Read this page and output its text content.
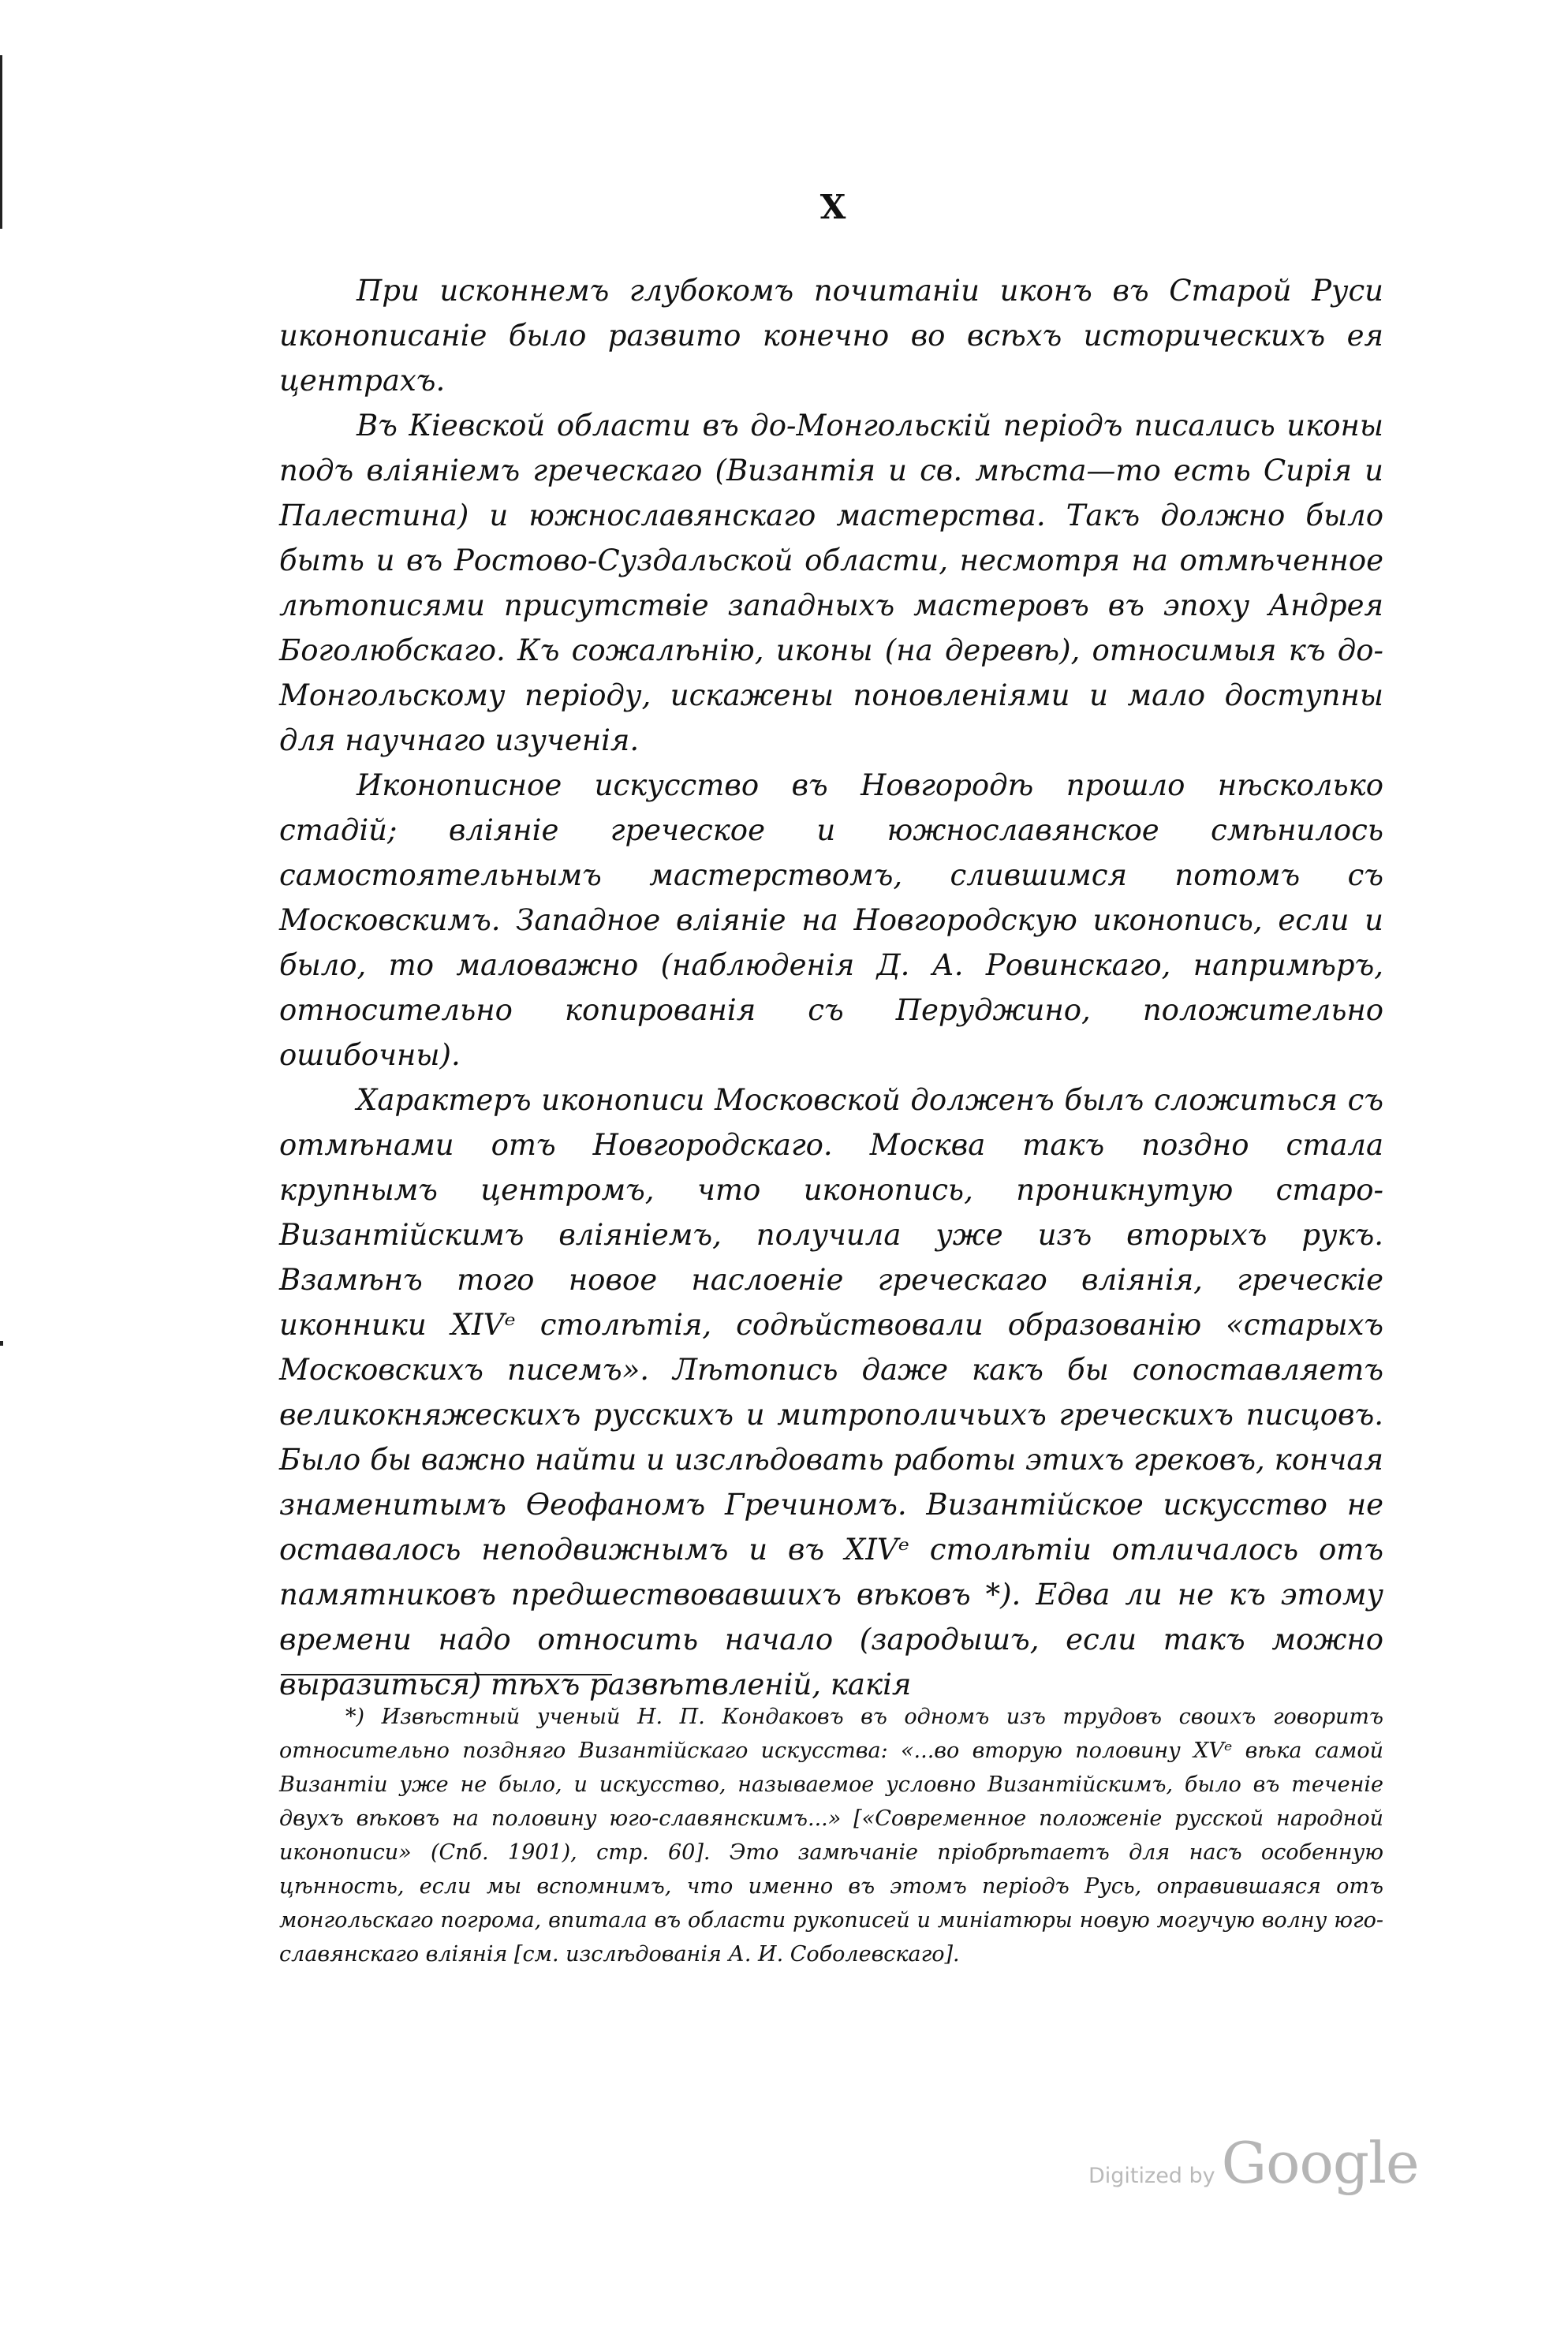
X

При исконнемъ глубокомъ почитаніи иконъ въ Старой Руси иконописаніе было развито конечно во всѣхъ историческихъ ея центрахъ.

Въ Кіевской области въ до-Монгольскій періодъ писались иконы подъ вліяніемъ греческаго (Византія и св. мѣста—то есть Сирія и Палестина) и южнославянскаго мастерства. Такъ должно было быть и въ Ростово-Суздальской области, несмотря на отмѣченное лѣтописями присутствіе западныхъ мастеровъ въ эпоху Андрея Боголюбскаго. Къ сожалѣнію, иконы (на деревѣ), относимыя къ до-Монгольскому періоду, искажены поновленіями и мало доступны для научнаго изученія.

Иконописное искусство въ Новгородѣ прошло нѣсколько стадій; вліяніе греческое и южнославянское смѣнилось самостоятельнымъ мастерствомъ, слившимся потомъ съ Московскимъ. Западное вліяніе на Новгородскую иконопись, если и было, то маловажно (наблюденія Д. А. Ровинскаго, напримѣръ, относительно копированія съ Перуджино, положительно ошибочны).

Характеръ иконописи Московской долженъ былъ сложиться съ отмѣнами отъ Новгородскаго. Москва такъ поздно стала крупнымъ центромъ, что иконопись, проникнутую старо-Византійскимъ вліяніемъ, получила уже изъ вторыхъ рукъ. Взамѣнъ того новое наслоеніе греческаго вліянія, греческіе иконники XIVᵉ столѣтія, содѣйствовали образованію «старыхъ Московскихъ писемъ». Лѣтопись даже какъ бы сопоставляетъ великокняжескихъ русскихъ и митрополичьихъ греческихъ писцовъ. Было бы важно найти и изслѣдовать работы этихъ грековъ, кончая знаменитымъ Ѳеофаномъ Гречиномъ. Византійское искусство не оставалось неподвижнымъ и въ XIVᵉ столѣтіи отличалось отъ памятниковъ предшествовавшихъ вѣковъ *). Едва ли не къ этому времени надо относить начало (зародышъ, если такъ можно выразиться) тѣхъ развѣтвленій, какія

*) Извѣстный ученый Н. П. Кондаковъ въ одномъ изъ трудовъ своихъ говоритъ относительно поздняго Византійскаго искусства: «...во вторую половину XVᵉ вѣка самой Византіи уже не было, и искусство, называемое условно Византійскимъ, было въ теченіе двухъ вѣковъ на половину юго-славянскимъ...» [«Современное положеніе русской народной иконописи» (Спб. 1901), стр. 60]. Это замѣчаніе пріобрѣтаетъ для насъ особенную цѣнность, если мы вспомнимъ, что именно въ этомъ періодъ Русь, оправившаяся отъ монгольскаго погрома, впитала въ области рукописей и миніатюры новую могучую волну юго-славянскаго вліянія [см. изслѣдованія А. И. Соболевскаго].
Digitized by Google
